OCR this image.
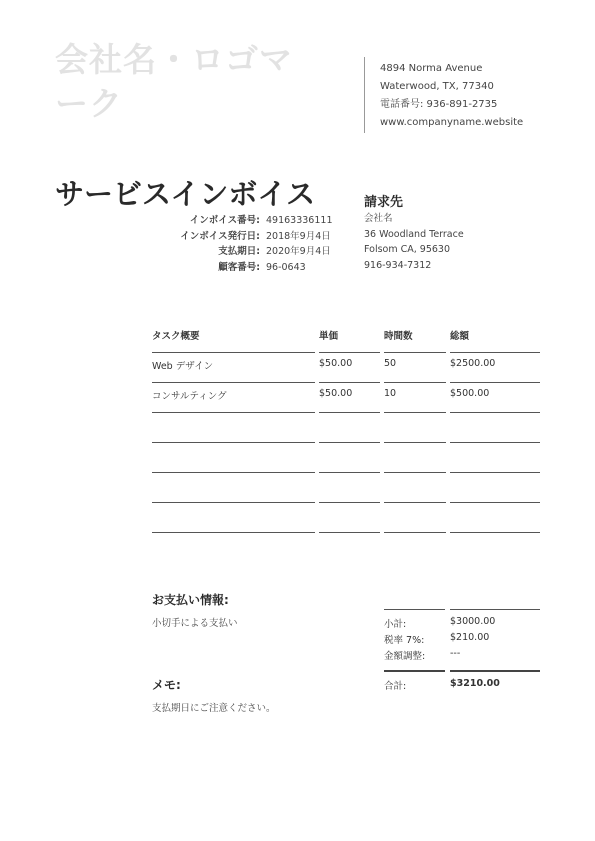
会社名・ロゴマーク
4894 Norma Avenue
Waterwood, TX, 77340
電話番号: 936-891-2735
www.companyname.website
サービスインボイス
インボイス番号: 49163336111
インボイス発行日: 2018年9月4日
支払期日: 2020年9月4日
顧客番号: 96-0643
請求先
会社名
36 Woodland Terrace
Folsom CA, 95630
916-934-7312
タスク概要	単価	時間数	総額
Web デザイン	$50.00	50	$2500.00
コンサルティング	$50.00	10	$500.00
お支払い情報:
小切手による支払い
メモ:
支払期日にご注意ください。
小計:	$3000.00
税率 7%:	$210.00
金額調整:	---
合計:	$3210.00
